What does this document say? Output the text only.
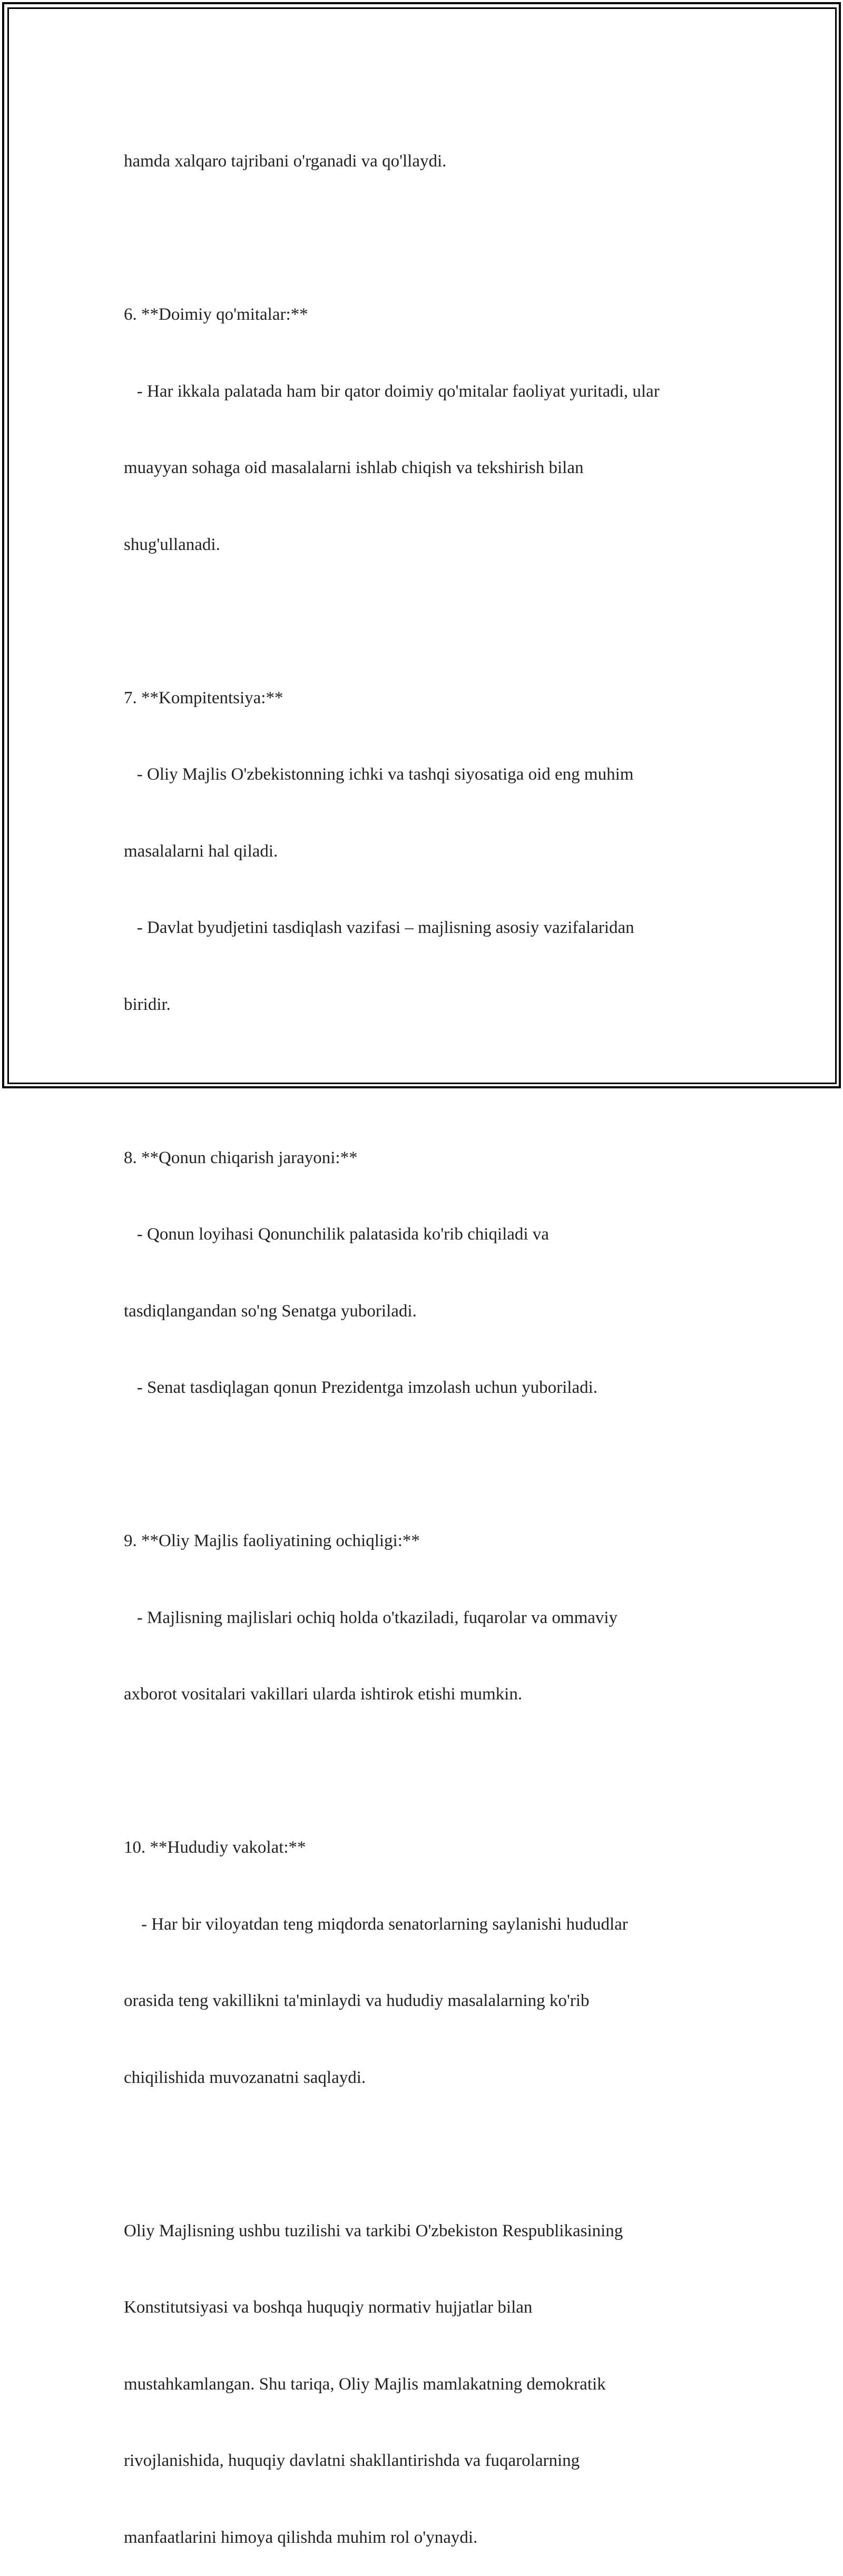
hamda xalqaro tajribani o'rganadi va qo'llaydi.

6. **Doimiy qo'mitalar:**

- Har ikkala palatada ham bir qator doimiy qo'mitalar faoliyat yuritadi, ular

muayyan sohaga oid masalalarni ishlab chiqish va tekshirish bilan

shug'ullanadi.

7. **Kompitentsiya:**

- Oliy Majlis O'zbekistonning ichki va tashqi siyosatiga oid eng muhim

masalalarni hal qiladi.

- Davlat byudjetini tasdiqlash vazifasi – majlisning asosiy vazifalaridan

biridir.

8. **Qonun chiqarish jarayoni:**

- Qonun loyihasi Qonunchilik palatasida ko'rib chiqiladi va

tasdiqlangandan so'ng Senatga yuboriladi.

- Senat tasdiqlagan qonun Prezidentga imzolash uchun yuboriladi.

9. **Oliy Majlis faoliyatining ochiqligi:**

- Majlisning majlislari ochiq holda o'tkaziladi, fuqarolar va ommaviy

axborot vositalari vakillari ularda ishtirok etishi mumkin.

10. **Hududiy vakolat:**

- Har bir viloyatdan teng miqdorda senatorlarning saylanishi hududlar

orasida teng vakillikni ta'minlaydi va hududiy masalalarning ko'rib

chiqilishida muvozanatni saqlaydi.

Oliy Majlisning ushbu tuzilishi va tarkibi O'zbekiston Respublikasining

Konstitutsiyasi va boshqa huquqiy normativ hujjatlar bilan

mustahkamlangan. Shu tariqa, Oliy Majlis mamlakatning demokratik

rivojlanishida, huquqiy davlatni shakllantirishda va fuqarolarning

manfaatlarini himoya qilishda muhim rol o'ynaydi.
